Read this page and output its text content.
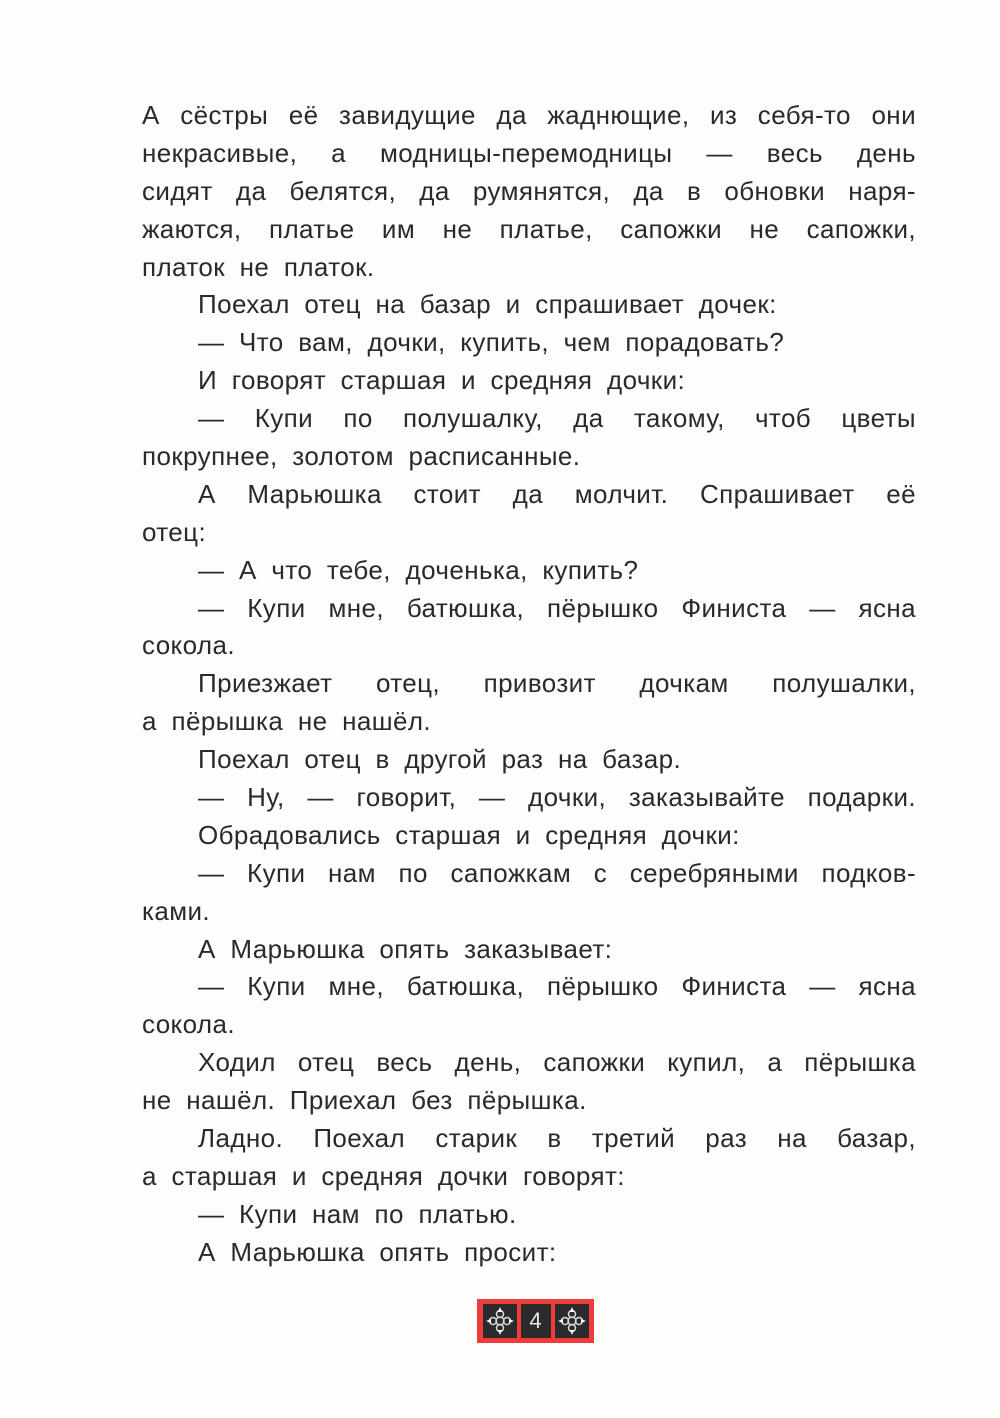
А сёстры её завидущие да жаднющие, из себя-то они
некрасивые, а модницы-перемодницы — весь день
сидят да белятся, да румянятся, да в обновки наря-
жаются, платье им не платье, сапожки не сапожки,
платок не платок.
Поехал отец на базар и спрашивает дочек:
— Что вам, дочки, купить, чем порадовать?
И говорят старшая и средняя дочки:
— Купи по полушалку, да такому, чтоб цветы
покрупнее, золотом расписанные.
А Марьюшка стоит да молчит. Спрашивает её
отец:
— А что тебе, доченька, купить?
— Купи мне, батюшка, пёрышко Финиста — ясна
сокола.
Приезжает отец, привозит дочкам полушалки,
а пёрышка не нашёл.
Поехал отец в другой раз на базар.
— Ну, — говорит, — дочки, заказывайте подарки.
Обрадовались старшая и средняя дочки:
— Купи нам по сапожкам с серебряными подков-
ками.
А Марьюшка опять заказывает:
— Купи мне, батюшка, пёрышко Финиста — ясна
сокола.
Ходил отец весь день, сапожки купил, а пёрышка
не нашёл. Приехал без пёрышка.
Ладно. Поехал старик в третий раз на базар,
а старшая и средняя дочки говорят:
— Купи нам по платью.
А Марьюшка опять просит:
4
